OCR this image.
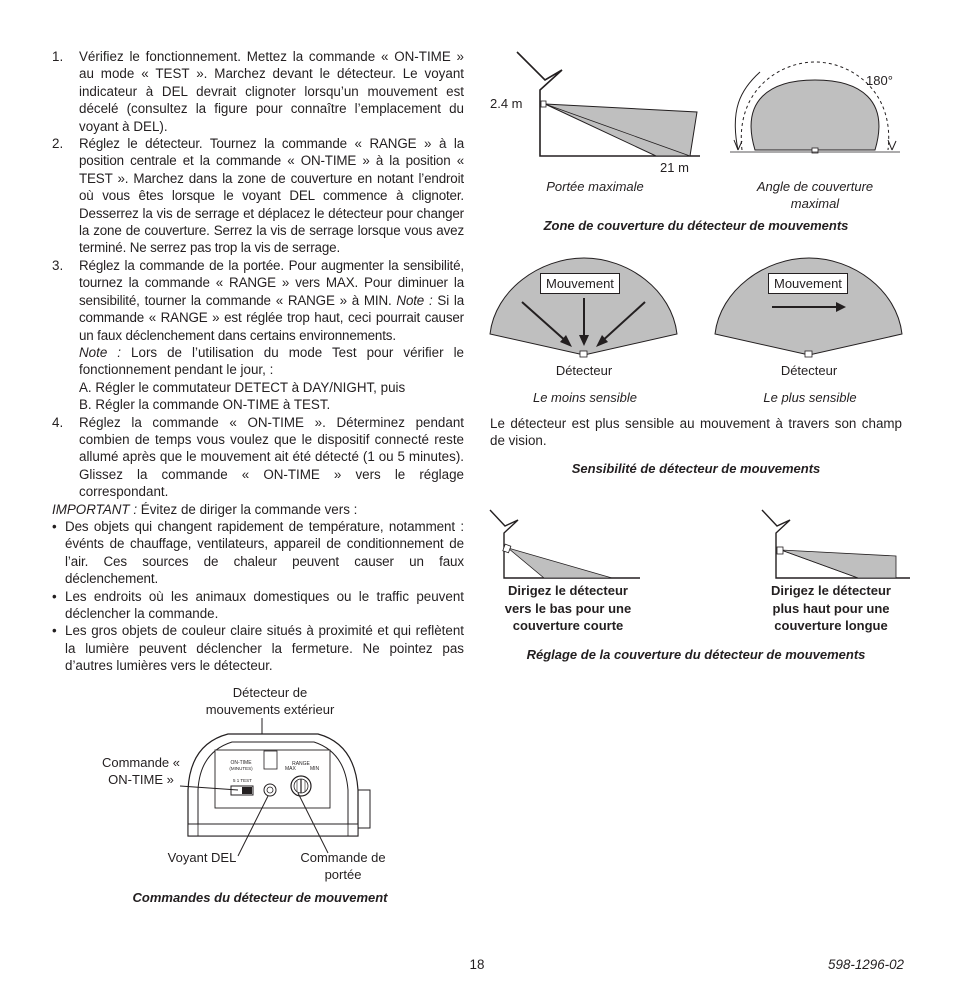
1.	Vérifiez le fonctionnement. Mettez la commande « ON-TIME » au mode « TEST ». Marchez devant le détecteur. Le voyant indicateur à DEL devrait clignoter lorsqu’un mouvement est décelé (consultez la figure pour connaître l’emplacement du voyant à DEL).
2.	Réglez le détecteur. Tournez la commande « RANGE » à la position centrale et la commande « ON-TIME » à la position « TEST ». Marchez dans la zone de couverture en notant l’endroit où vous êtes lorsque le voyant DEL commence à clignoter. Desserrez la vis de serrage et déplacez le détecteur pour changer la zone de couverture. Serrez la vis de serrage lorsque vous avez terminé. Ne serrez pas trop la vis de serrage.
3.	Réglez la commande de la portée. Pour augmenter la sensibilité, tournez la commande « RANGE » vers MAX. Pour diminuer la sensibilité, tourner la commande « RANGE » à MIN. Note : Si la commande « RANGE » est réglée trop haut, ceci pourrait causer un faux déclenchement dans certains environnements.
Note : Lors de l’utilisation du mode Test pour vérifier le fonctionnement pendant le jour, :
A. Régler le commutateur DETECT à DAY/NIGHT, puis
B. Régler la commande ON-TIME à TEST.
4.	Réglez la commande « ON-TIME ». Déterminez pendant combien de temps vous voulez que le dispositif connecté reste allumé après que le mouvement ait été détecté (1 ou 5 minutes). Glissez la commande « ON-TIME » vers le réglage correspondant.
IMPORTANT : Évitez de diriger la commande vers :
• Des objets qui changent rapidement de température, notamment : événts de chauffage, ventilateurs, appareil de conditionnement de l’air. Ces sources de chaleur peuvent causer un faux déclenchement.
• Les endroits où les animaux domestiques ou le traffic peuvent déclencher la commande.
• Les gros objets de couleur claire situés à proximité et qui reflètent la lumière peuvent déclencher la fermeture. Ne pointez pas d’autres lumières vers le détecteur.
Détecteur de
mouvements extérieur
Commande «
ON-TIME »
Voyant DEL	Commande de
portée
ON-TIME
(MINUTES)
RANGE
MAX	MIN
5 1 TEST
Commandes du détecteur de mouvement
2.4 m
21 m
180°
Portée maximale	Angle de couverture
maximal
Zone de couverture du détecteur de mouvements
Mouvement	Mouvement
Détecteur	Détecteur
Le moins sensible	Le plus sensible
Le détecteur est plus sensible au mouvement à travers son champ de vision.
Sensibilité de détecteur de mouvements
Dirigez le détecteur
vers le bas pour une
couverture courte
Dirigez le détecteur
plus haut pour une
couverture longue
Réglage de la couverture du détecteur de mouvements
18	598-1296-02
